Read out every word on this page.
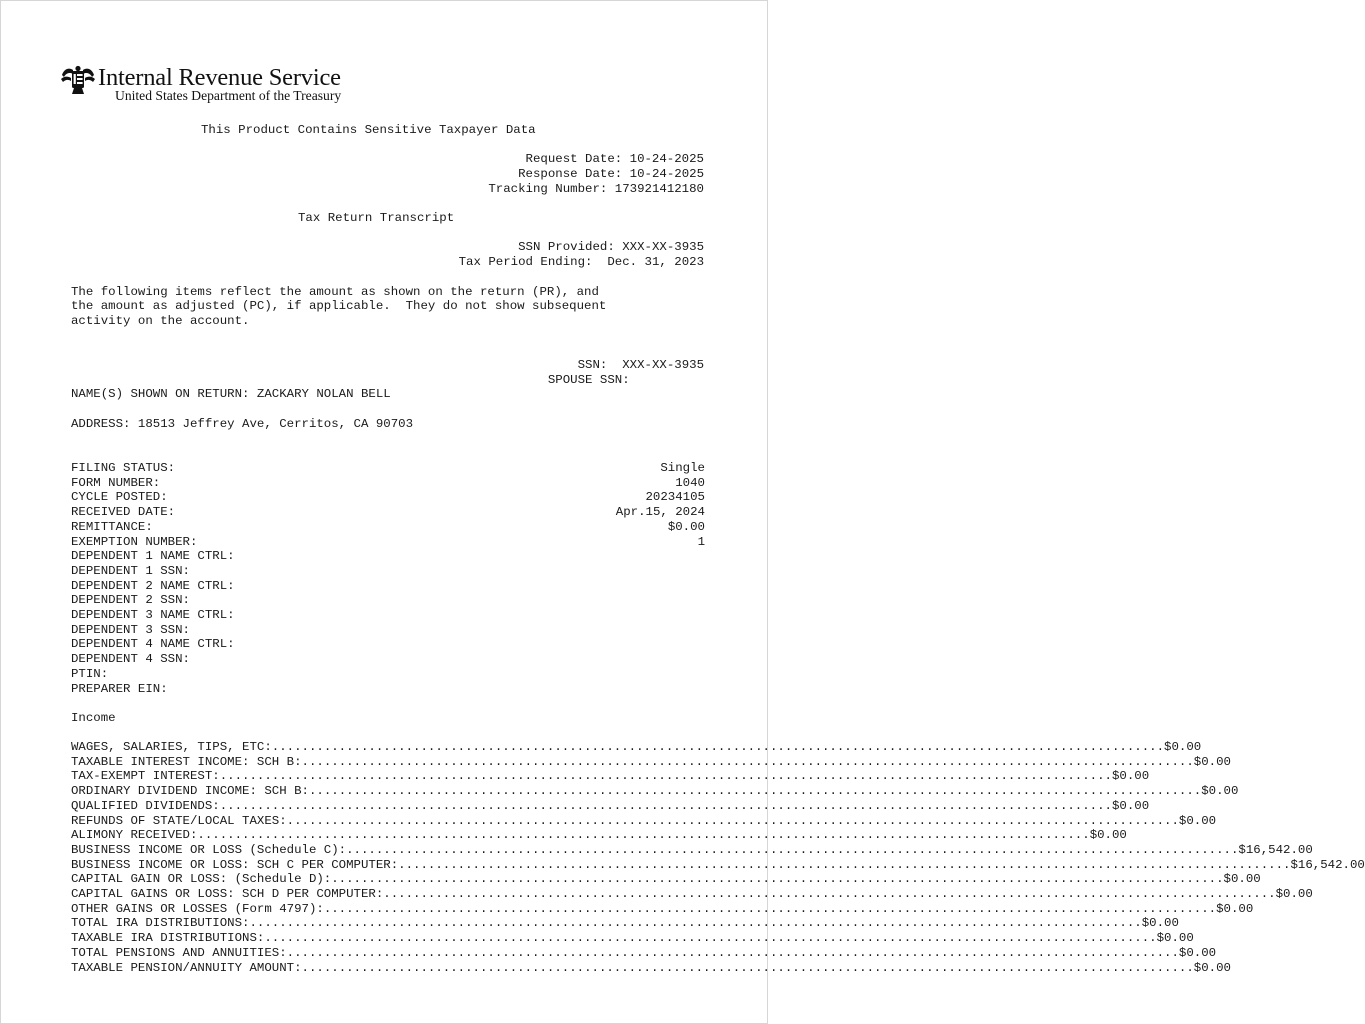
Internal Revenue Service
United States Department of the Treasury
This Product Contains Sensitive Taxpayer Data
Request Date: 10-24-2025
Response Date: 10-24-2025
Tracking Number: 173921412180
Tax Return Transcript
SSN Provided: XXX-XX-3935
Tax Period Ending:  Dec. 31, 2023
The following items reflect the amount as shown on the return (PR), and
the amount as adjusted (PC), if applicable.  They do not show subsequent
activity on the account.
SSN:  XXX-XX-3935
SPOUSE SSN:
NAME(S) SHOWN ON RETURN: ZACKARY NOLAN BELL
ADDRESS: 18513 Jeffrey Ave, Cerritos, CA 90703
FILING STATUS:	Single
FORM NUMBER:	1040
CYCLE POSTED:	20234105
RECEIVED DATE:	Apr.15, 2024
REMITTANCE:	$0.00
EXEMPTION NUMBER:	1
DEPENDENT 1 NAME CTRL:
DEPENDENT 1 SSN:
DEPENDENT 2 NAME CTRL:
DEPENDENT 2 SSN:
DEPENDENT 3 NAME CTRL:
DEPENDENT 3 SSN:
DEPENDENT 4 NAME CTRL:
DEPENDENT 4 SSN:
PTIN:
PREPARER EIN:
Income
WAGES, SALARIES, TIPS, ETC: ........................................................................................................................ $0.00
TAXABLE INTEREST INCOME: SCH B: ........................................................................................................................ $0.00
TAX-EXEMPT INTEREST: ........................................................................................................................ $0.00
ORDINARY DIVIDEND INCOME: SCH B: ........................................................................................................................ $0.00
QUALIFIED DIVIDENDS: ........................................................................................................................ $0.00
REFUNDS OF STATE/LOCAL TAXES: ........................................................................................................................ $0.00
ALIMONY RECEIVED: ........................................................................................................................ $0.00
BUSINESS INCOME OR LOSS (Schedule C): ........................................................................................................................ $16,542.00
BUSINESS INCOME OR LOSS: SCH C PER COMPUTER: ........................................................................................................................ $16,542.00
CAPITAL GAIN OR LOSS: (Schedule D): ........................................................................................................................ $0.00
CAPITAL GAINS OR LOSS: SCH D PER COMPUTER: ........................................................................................................................ $0.00
OTHER GAINS OR LOSSES (Form 4797): ........................................................................................................................ $0.00
TOTAL IRA DISTRIBUTIONS: ........................................................................................................................ $0.00
TAXABLE IRA DISTRIBUTIONS: ........................................................................................................................ $0.00
TOTAL PENSIONS AND ANNUITIES: ........................................................................................................................ $0.00
TAXABLE PENSION/ANNUITY AMOUNT: ........................................................................................................................ $0.00
